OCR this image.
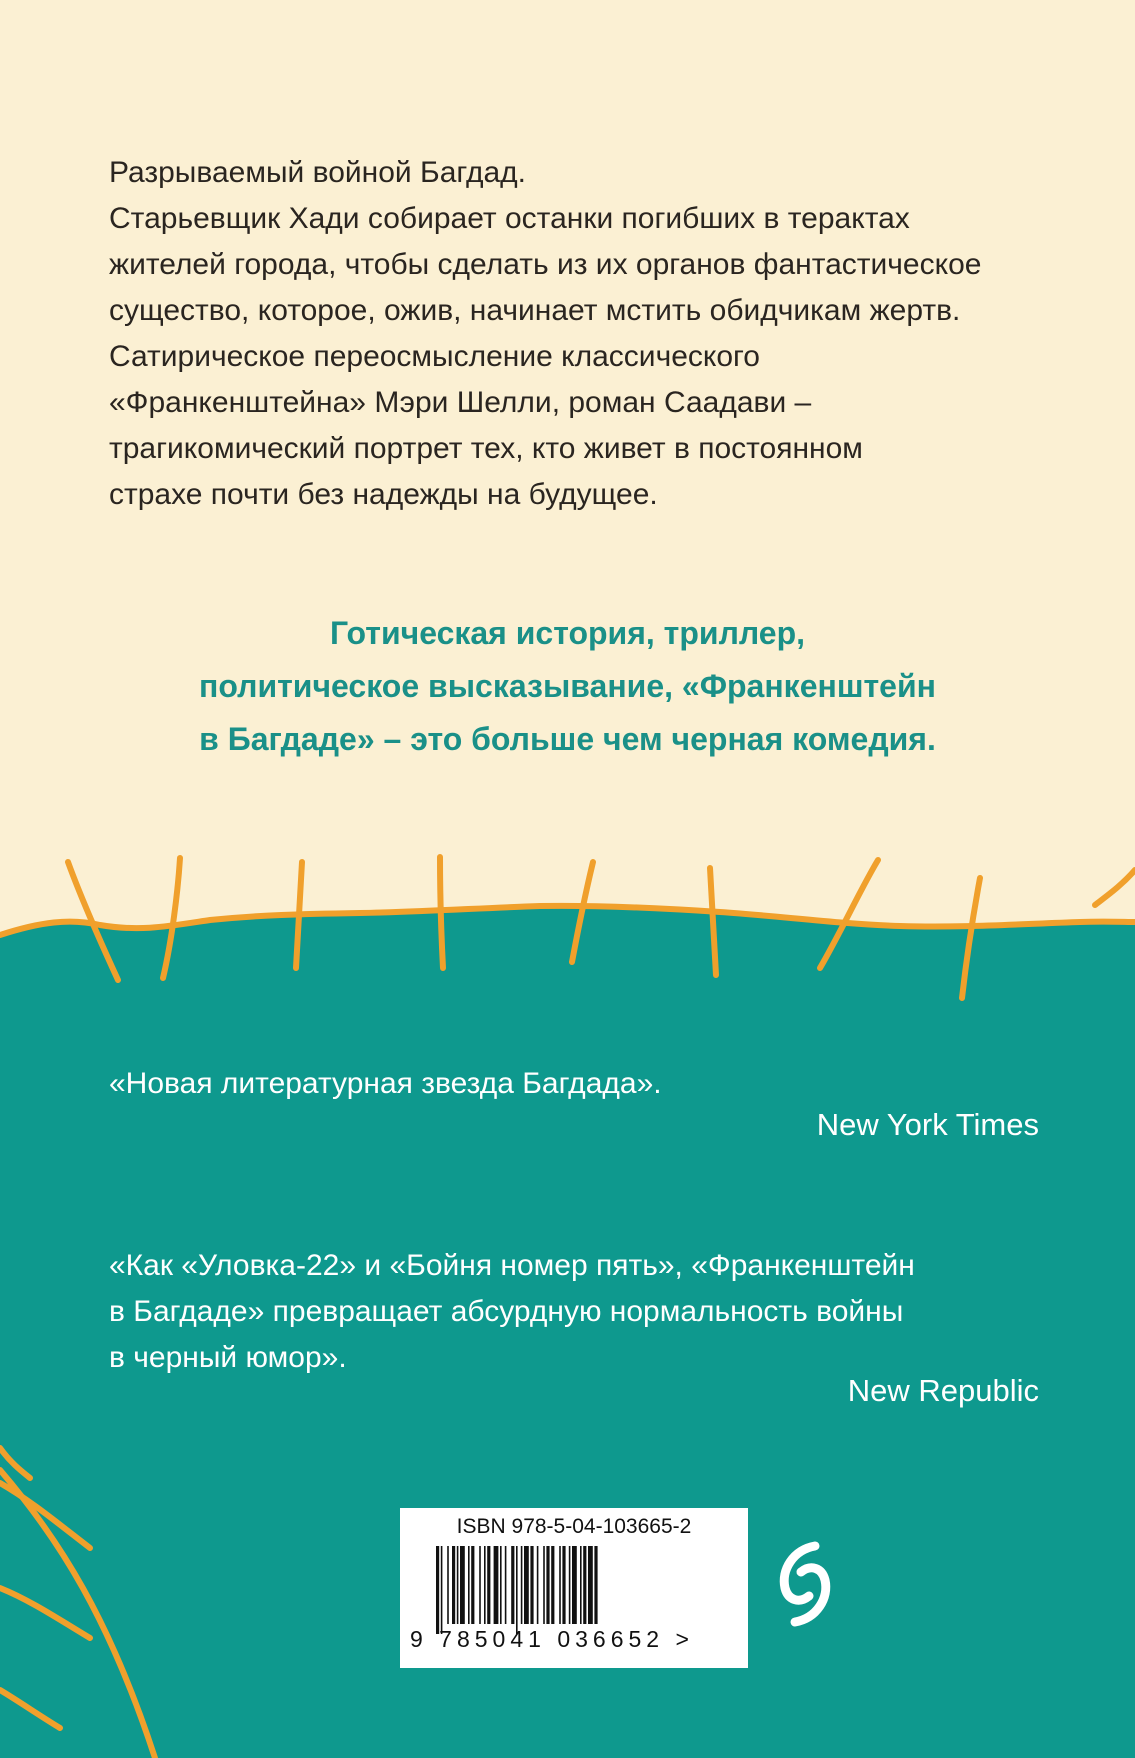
Разрываемый войной Багдад.
Старьевщик Хади собирает останки погибших в терактах
жителей города, чтобы сделать из их органов фантастическое
существо, которое, ожив, начинает мстить обидчикам жертв.
Сатирическое переосмысление классического
«Франкенштейна» Мэри Шелли, роман Саадави –
трагикомический портрет тех, кто живет в постоянном
страхе почти без надежды на будущее.
Готическая история, триллер,
политическое высказывание, «Франкенштейн
в Багдаде» – это больше чем черная комедия.
«Новая литературная звезда Багдада».
New York Times
«Как «Уловка-22» и «Бойня номер пять», «Франкенштейн
в Багдаде» превращает абсурдную нормальность войны
в черный юмор».
New Republic
ISBN 978-5-04-103665-2
9 785041 036652 >
